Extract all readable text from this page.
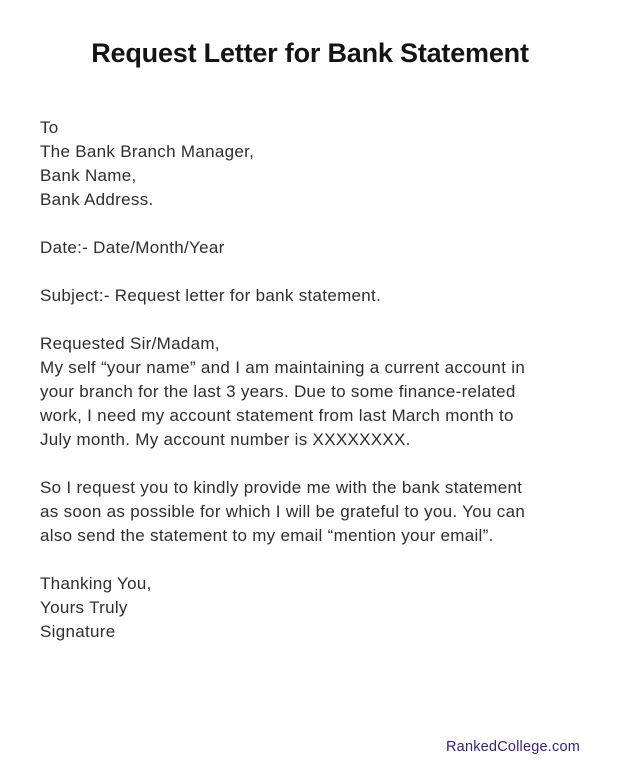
Request Letter for Bank Statement
To
The Bank Branch Manager,
Bank Name,
Bank Address.
Date:- Date/Month/Year
Subject:- Request letter for bank statement.
Requested Sir/Madam,

My self “your name” and I am maintaining a current account in your branch for the last 3 years. Due to some finance-related work, I need my account statement from last March month to July month. My account number is XXXXXXXX.

So I request you to kindly provide me with the bank statement as soon as possible for which I will be grateful to you. You can also send the statement to my email “mention your email”.

Thanking You,
Yours Truly
Signature
RankedCollege.com
